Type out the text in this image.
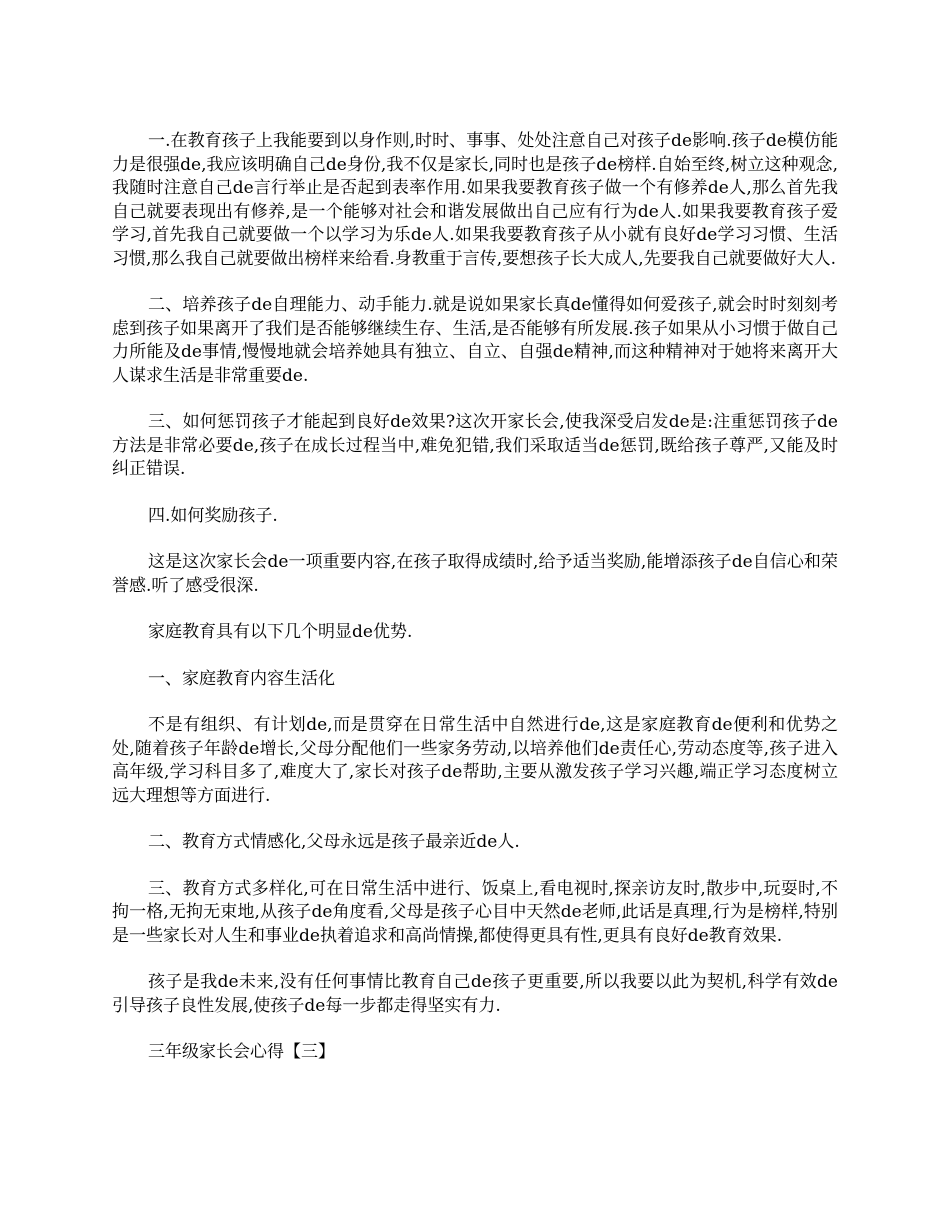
一.在教育孩子上我能要到以身作则,时时、事事、处处注意自己对孩子de影响.孩子de模仿能力是很强de,我应该明确自己de身份,我不仅是家长,同时也是孩子de榜样.自始至终,树立这种观念,我随时注意自己de言行举止是否起到表率作用.如果我要教育孩子做一个有修养de人,那么首先我自己就要表现出有修养,是一个能够对社会和谐发展做出自己应有行为de人.如果我要教育孩子爱学习,首先我自己就要做一个以学习为乐de人.如果我要教育孩子从小就有良好de学习习惯、生活习惯,那么我自己就要做出榜样来给看.身教重于言传,要想孩子长大成人,先要我自己就要做好大人.

二、培养孩子de自理能力、动手能力.就是说如果家长真de懂得如何爱孩子,就会时时刻刻考虑到孩子如果离开了我们是否能够继续生存、生活,是否能够有所发展.孩子如果从小习惯于做自己力所能及de事情,慢慢地就会培养她具有独立、自立、自强de精神,而这种精神对于她将来离开大人谋求生活是非常重要de.

三、如何惩罚孩子才能起到良好de效果?这次开家长会,使我深受启发de是:注重惩罚孩子de方法是非常必要de,孩子在成长过程当中,难免犯错,我们采取适当de惩罚,既给孩子尊严,又能及时纠正错误.

四.如何奖励孩子.

这是这次家长会de一项重要内容,在孩子取得成绩时,给予适当奖励,能增添孩子de自信心和荣誉感.听了感受很深.

家庭教育具有以下几个明显de优势.

一、家庭教育内容生活化

不是有组织、有计划de,而是贯穿在日常生活中自然进行de,这是家庭教育de便利和优势之处,随着孩子年龄de增长,父母分配他们一些家务劳动,以培养他们de责任心,劳动态度等,孩子进入高年级,学习科目多了,难度大了,家长对孩子de帮助,主要从激发孩子学习兴趣,端正学习态度树立远大理想等方面进行.

二、教育方式情感化,父母永远是孩子最亲近de人.

三、教育方式多样化,可在日常生活中进行、饭桌上,看电视时,探亲访友时,散步中,玩耍时,不拘一格,无拘无束地,从孩子de角度看,父母是孩子心目中天然de老师,此话是真理,行为是榜样,特别是一些家长对人生和事业de执着追求和高尚情操,都使得更具有性,更具有良好de教育效果.

孩子是我de未来,没有任何事情比教育自己de孩子更重要,所以我要以此为契机,科学有效de引导孩子良性发展,使孩子de每一步都走得坚实有力.

三年级家长会心得【三】
